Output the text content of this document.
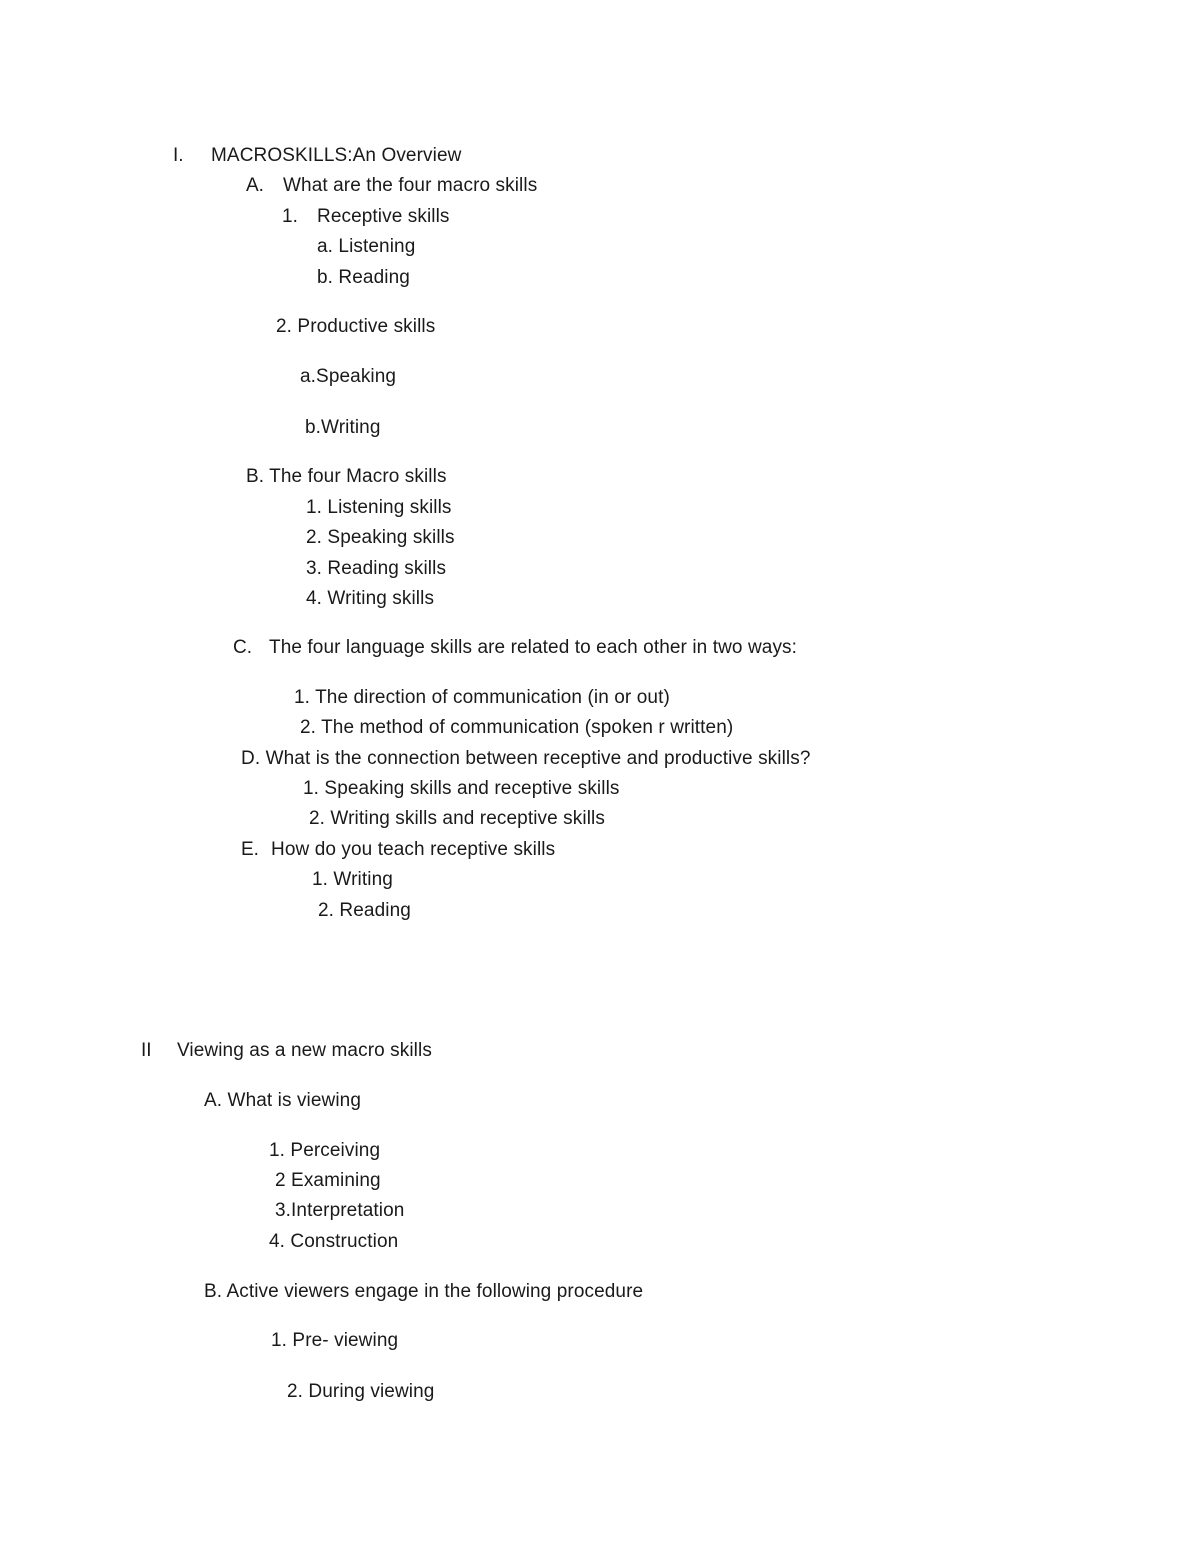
I. MACROSKILLS:An Overview
A. What are the four macro skills
1. Receptive skills
a. Listening
b. Reading
2. Productive skills
a.Speaking
b.Writing
B. The four Macro skills
1. Listening skills
2. Speaking skills
3. Reading skills
4. Writing skills
C. The four language skills are related to each other in two ways:
1. The direction of communication (in or out)
2. The method of communication (spoken r written)
D. What is the connection between receptive and productive skills?
1. Speaking skills and receptive skills
2. Writing skills and receptive skills
E. How do you teach receptive skills
1. Writing
2. Reading
II Viewing as a new macro skills
A. What is viewing
1. Perceiving
2 Examining
3.Interpretation
4. Construction
B. Active viewers engage in the following procedure
1. Pre- viewing
2. During viewing
